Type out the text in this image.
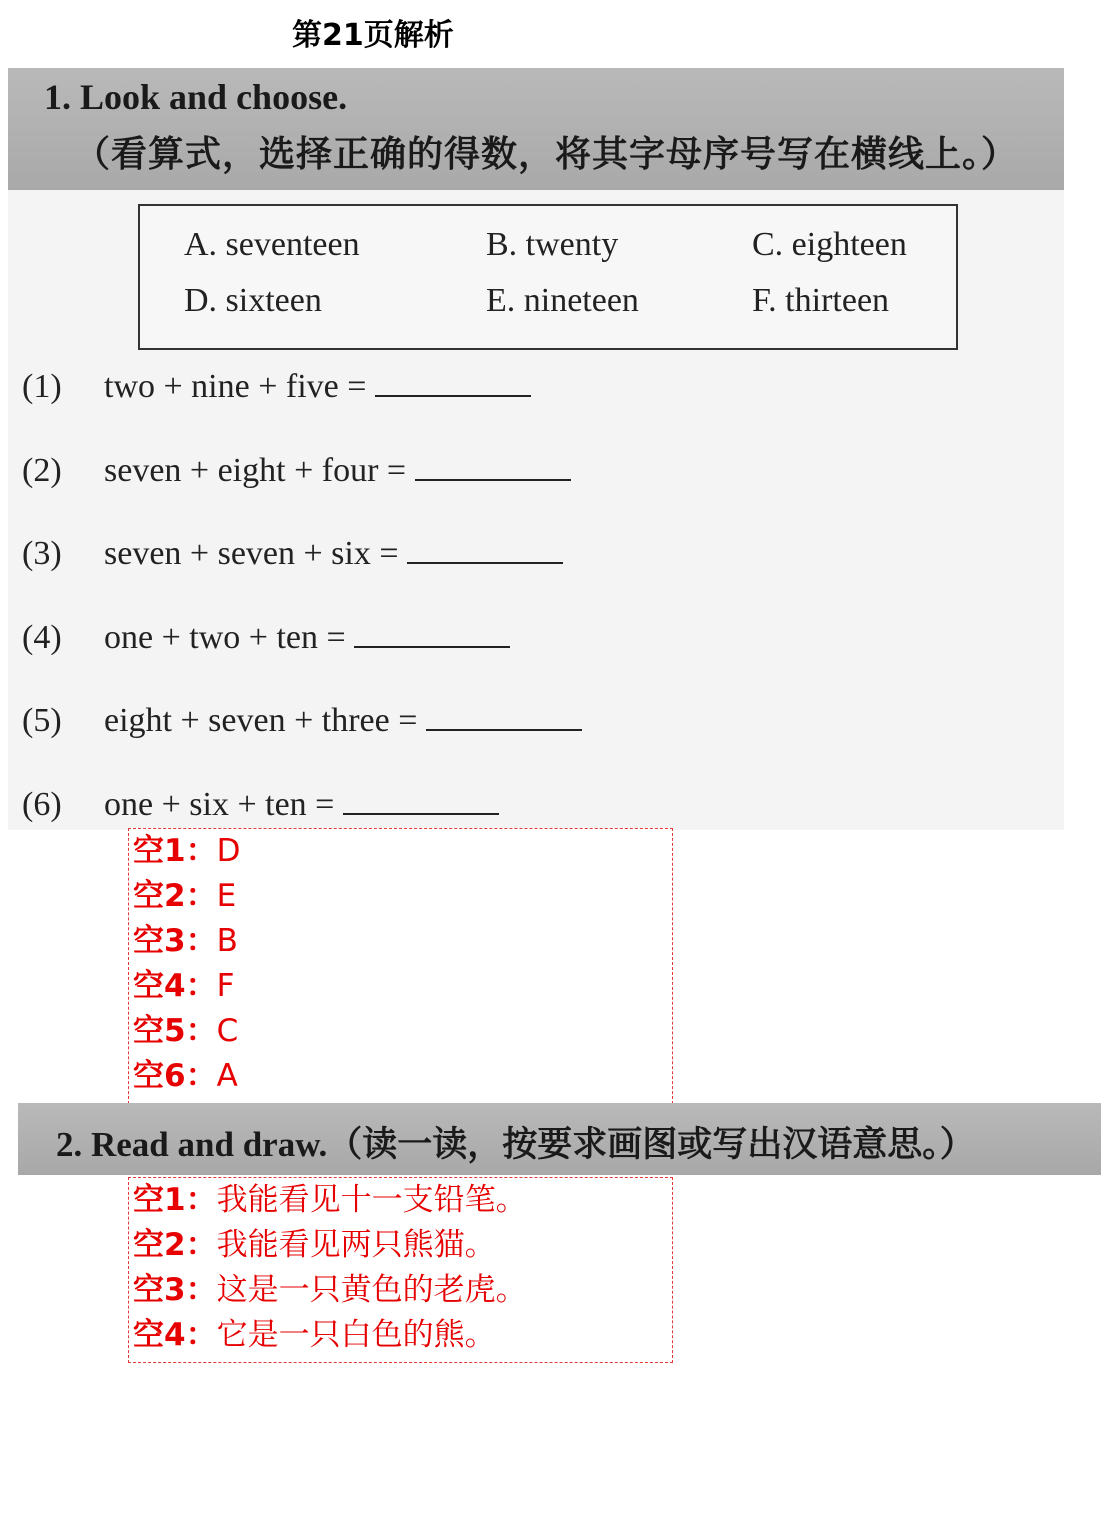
第21页解析
1. Look and choose.
（看算式，选择正确的得数，将其字母序号写在横线上。）
A. seventeen	B. twenty	C. eighteen
D. sixteen	E. nineteen	F. thirteen
(1) two + nine + five =
(2) seven + eight + four =
(3) seven + seven + six =
(4) one + two + ten =
(5) eight + seven + three =
(6) one + six + ten =
空1：D
空2：E
空3：B
空4：F
空5：C
空6：A
2. Read and draw.（读一读，按要求画图或写出汉语意思。）
空1：我能看见十一支铅笔。
空2：我能看见两只熊猫。
空3：这是一只黄色的老虎。
空4：它是一只白色的熊。
